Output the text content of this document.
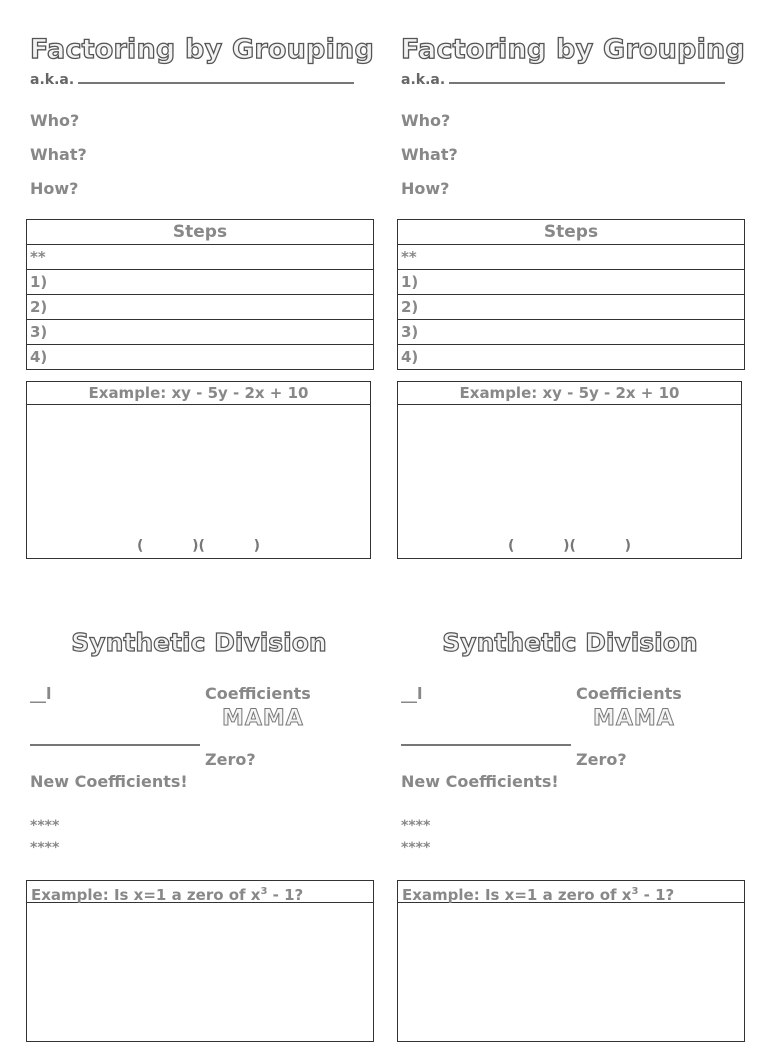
Factoring by Grouping
a.k.a.
Who?
What?
How?
Steps
**
1)
2)
3)
4)
Example: xy - 5y - 2x + 10
(          )(          )
Synthetic Division
__l	Coefficients
MAMA
Zero?
New Coefficients!
****
****
Example: Is x=1 a zero of $x^3 - 1$?
Factoring by Grouping
a.k.a.
Who?
What?
How?
Steps
**
1)
2)
3)
4)
Example: xy - 5y - 2x + 10
(          )(          )
Synthetic Division
__l	Coefficients
MAMA
Zero?
New Coefficients!
****
****
Example: Is x=1 a zero of $x^3 - 1$?
